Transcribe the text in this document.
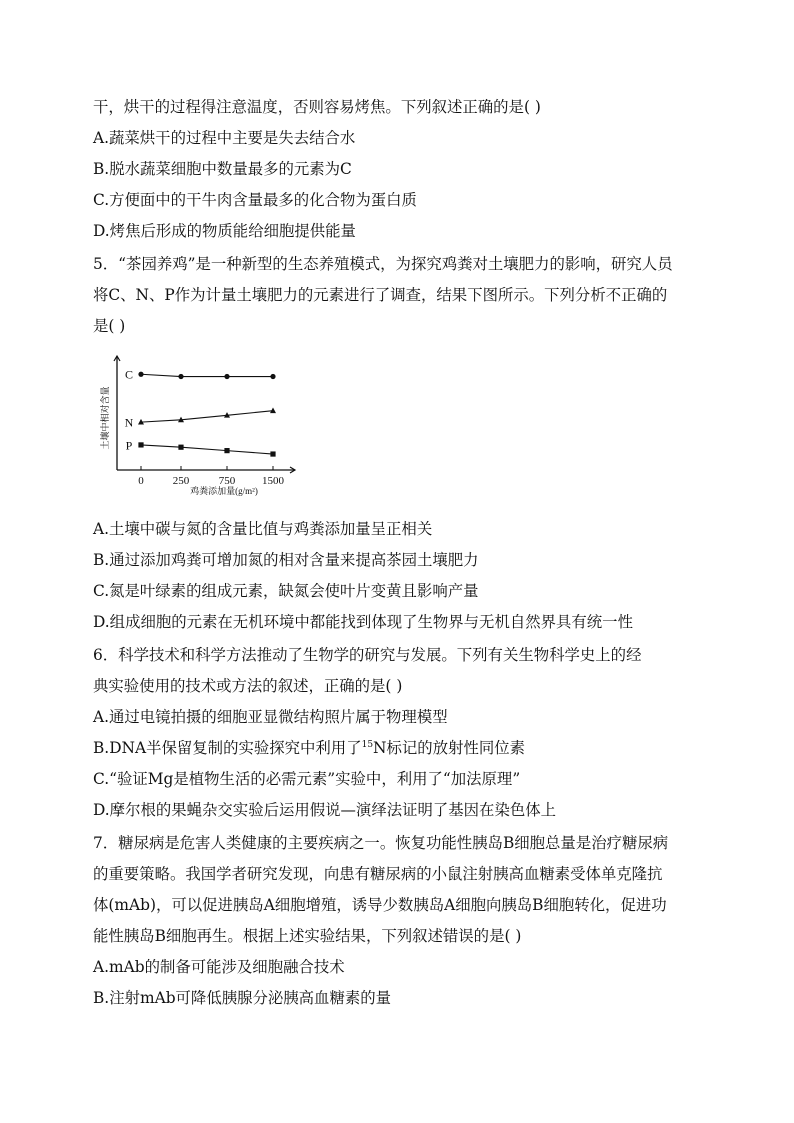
干，烘干的过程得注意温度，否则容易烤焦。下列叙述正确的是( )
A.蔬菜烘干的过程中主要是失去结合水
B.脱水蔬菜细胞中数量最多的元素为C
C.方便面中的干牛肉含量最多的化合物为蛋白质
D.烤焦后形成的物质能给细胞提供能量
5．“茶园养鸡”是一种新型的生态养殖模式，为探究鸡粪对土壤肥力的影响，研究人员
将C、N、P作为计量土壤肥力的元素进行了调查，结果下图所示。下列分析不正确的
是( )
0	250	750 1500
土壤中相对含量
鸡粪添加量(g/m²)
C
N
P
A.土壤中碳与氮的含量比值与鸡粪添加量呈正相关
B.通过添加鸡粪可增加氮的相对含量来提高茶园土壤肥力
C.氮是叶绿素的组成元素，缺氮会使叶片变黄且影响产量
D.组成细胞的元素在无机环境中都能找到体现了生物界与无机自然界具有统一性
6．科学技术和科学方法推动了生物学的研究与发展。下列有关生物科学史上的经
典实验使用的技术或方法的叙述，正确的是( )
A.通过电镜拍摄的细胞亚显微结构照片属于物理模型
B.DNA半保留复制的实验探究中利用了$^{15}$N标记的放射性同位素
C.“验证Mg是植物生活的必需元素”实验中，利用了“加法原理”
D.摩尔根的果蝇杂交实验后运用假说—演绎法证明了基因在染色体上
7．糖尿病是危害人类健康的主要疾病之一。恢复功能性胰岛B细胞总量是治疗糖尿病
的重要策略。我国学者研究发现，向患有糖尿病的小鼠注射胰高血糖素受体单克隆抗
体(mAb)，可以促进胰岛A细胞增殖，诱导少数胰岛A细胞向胰岛B细胞转化，促进功
能性胰岛B细胞再生。根据上述实验结果，下列叙述错误的是( )
A.mAb的制备可能涉及细胞融合技术
B.注射mAb可降低胰腺分泌胰高血糖素的量
